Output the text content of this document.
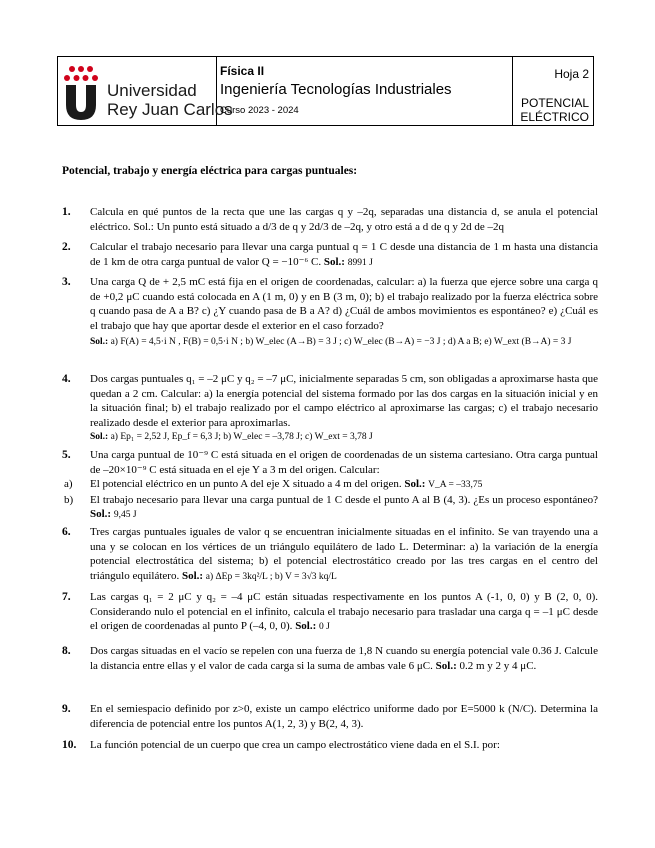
Universidad
Rey Juan Carlos
Física II
Ingeniería Tecnologías Industriales
Curso 2023 - 2024
Hoja 2
POTENCIAL
ELÉCTRICO
Potencial, trabajo y energía eléctrica para cargas puntuales:
1. Calcula en qué puntos de la recta que une las cargas q y –2q, separadas una distancia d, se anula el potencial eléctrico. Sol.: Un punto está situado a d/3 de q y 2d/3 de –2q, y otro está a d de q y 2d de –2q
2. Calcular el trabajo necesario para llevar una carga puntual q = 1 C desde una distancia de 1 m hasta una distancia de 1 km de otra carga puntual de valor Q = −10⁻⁶ C. Sol.: 8991 J
3. Una carga Q de + 2,5 mC está fija en el origen de coordenadas, calcular: a) la fuerza que ejerce sobre una carga q de +0,2 μC cuando está colocada en A (1 m, 0) y en B (3 m, 0); b) el trabajo realizado por la fuerza eléctrica sobre q cuando pasa de A a B? c) ¿Y cuando pasa de B a A? d) ¿Cuál de ambos movimientos es espontáneo? e) ¿Cuál es el trabajo que hay que aportar desde el exterior en el caso forzado?
Sol.: a) F(A) = 4,5·i N , F(B) = 0,5·i N ; b) W_elec (A→B) = 3 J ; c) W_elec (B→A) = −3 J ; d) A a B; e) W_ext (B→A) = 3 J
4. Dos cargas puntuales q₁ = –2 μC y q₂ = –7 μC, inicialmente separadas 5 cm, son obligadas a aproximarse hasta que quedan a 2 cm. Calcular: a) la energía potencial del sistema formado por las dos cargas en la situación inicial y en la situación final; b) el trabajo realizado por el campo eléctrico al aproximarse las cargas; c) el trabajo necesario realizado desde el exterior para aproximarlas.
Sol.: a) Ep₁ = 2,52 J, Ep_f = 6,3 J; b) W_elec = –3,78 J; c) W_ext = 3,78 J
5. Una carga puntual de 10⁻⁹ C está situada en el origen de coordenadas de un sistema cartesiano. Otra carga puntual de –20×10⁻⁹ C está situada en el eje Y a 3 m del origen. Calcular:
a) El potencial eléctrico en un punto A del eje X situado a 4 m del origen. Sol.: V_A = –33,75
b) El trabajo necesario para llevar una carga puntual de 1 C desde el punto A al B (4, 3). ¿Es un proceso espontáneo? Sol.: 9,45 J
6. Tres cargas puntuales iguales de valor q se encuentran inicialmente situadas en el infinito. Se van trayendo una a una y se colocan en los vértices de un triángulo equilátero de lado L. Determinar: a) la variación de la energía potencial electrostática del sistema; b) el potencial electrostático creado por las tres cargas en el centro del triángulo equilátero. Sol.: a) ΔEp = 3kq²/L ; b) V = 3√3 kq/L
7. Las cargas q₁ = 2 μC y q₂ = –4 μC están situadas respectivamente en los puntos A (-1, 0, 0) y B (2, 0, 0). Considerando nulo el potencial en el infinito, calcula el trabajo necesario para trasladar una carga q = –1 μC desde el origen de coordenadas al punto P (–4, 0, 0). Sol.: 0 J
8. Dos cargas situadas en el vacío se repelen con una fuerza de 1,8 N cuando su energía potencial vale 0.36 J. Calcule la distancia entre ellas y el valor de cada carga si la suma de ambas vale 6 μC. Sol.: 0.2 m y 2 y 4 μC.
9. En el semiespacio definido por z>0, existe un campo eléctrico uniforme dado por E=5000 k (N/C). Determina la diferencia de potencial entre los puntos A(1, 2, 3) y B(2, 4, 3).
10. La función potencial de un cuerpo que crea un campo electrostático viene dada en el S.I. por:
